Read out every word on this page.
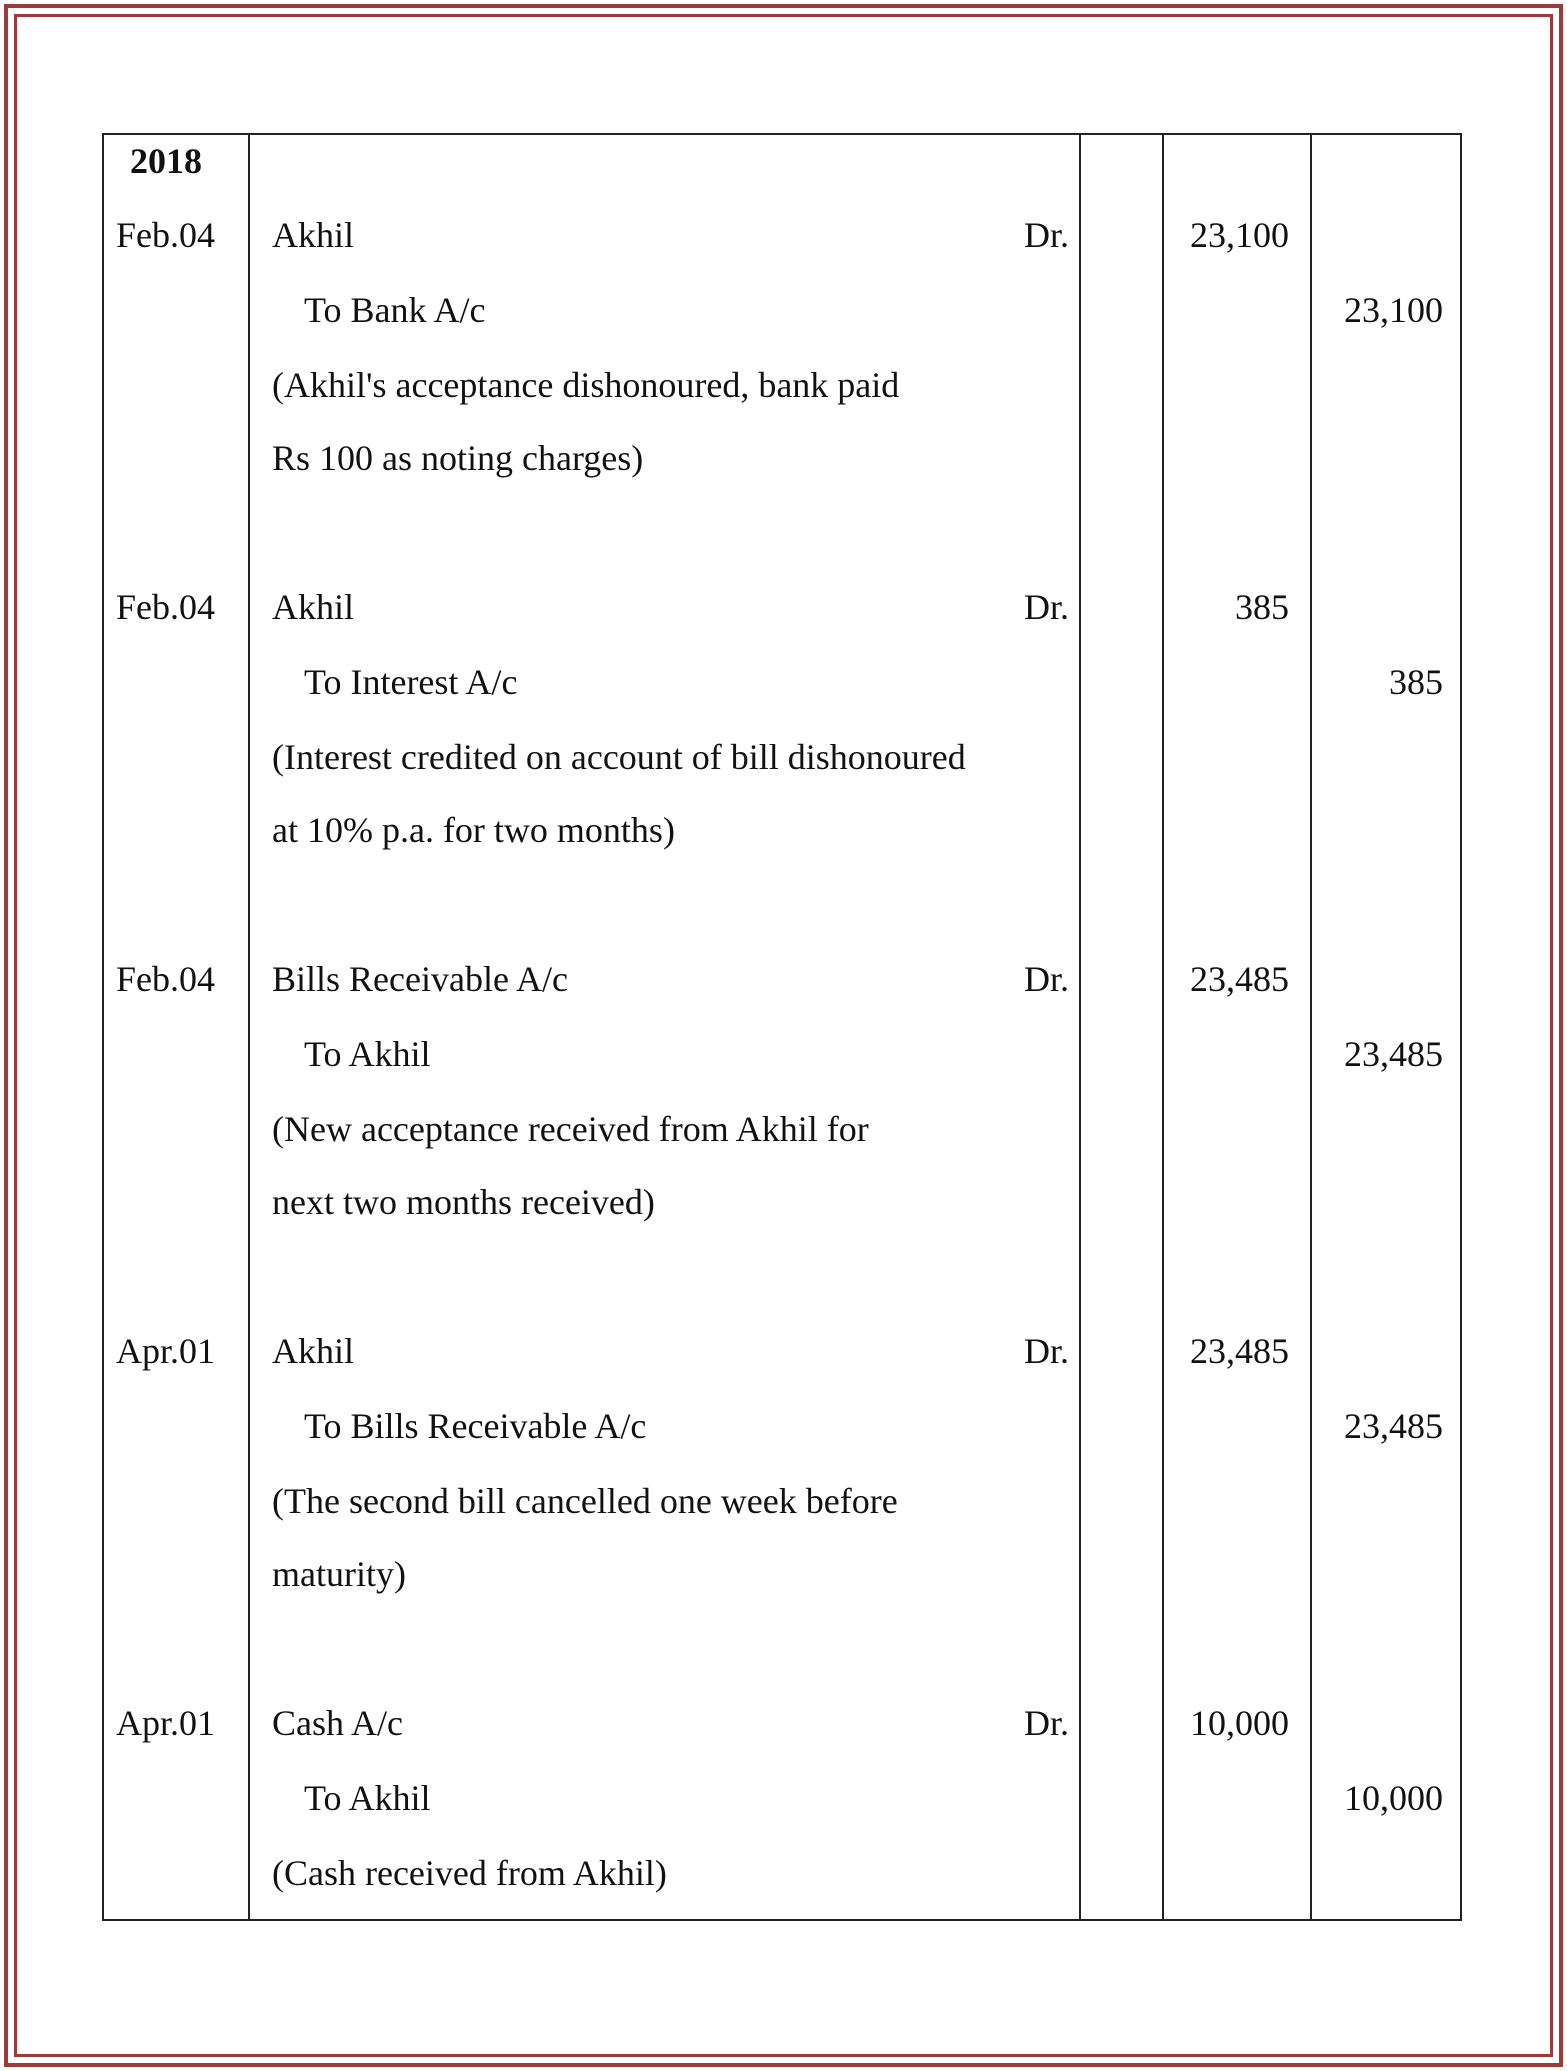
2018
Feb.04 Akhil	Dr.	23,100
To Bank A/c	23,100
(Akhil's acceptance dishonoured, bank paid
Rs 100 as noting charges)
Feb.04 Akhil	Dr.	385
To Interest A/c	385
(Interest credited on account of bill dishonoured
at 10% p.a. for two months)
Feb.04 Bills Receivable A/c	Dr.	23,485
To Akhil	23,485
(New acceptance received from Akhil for
next two months received)
Apr.01 Akhil	Dr.	23,485
To Bills Receivable A/c	23,485
(The second bill cancelled one week before
maturity)
Apr.01 Cash A/c	Dr.	10,000
To Akhil	10,000
(Cash received from Akhil)
